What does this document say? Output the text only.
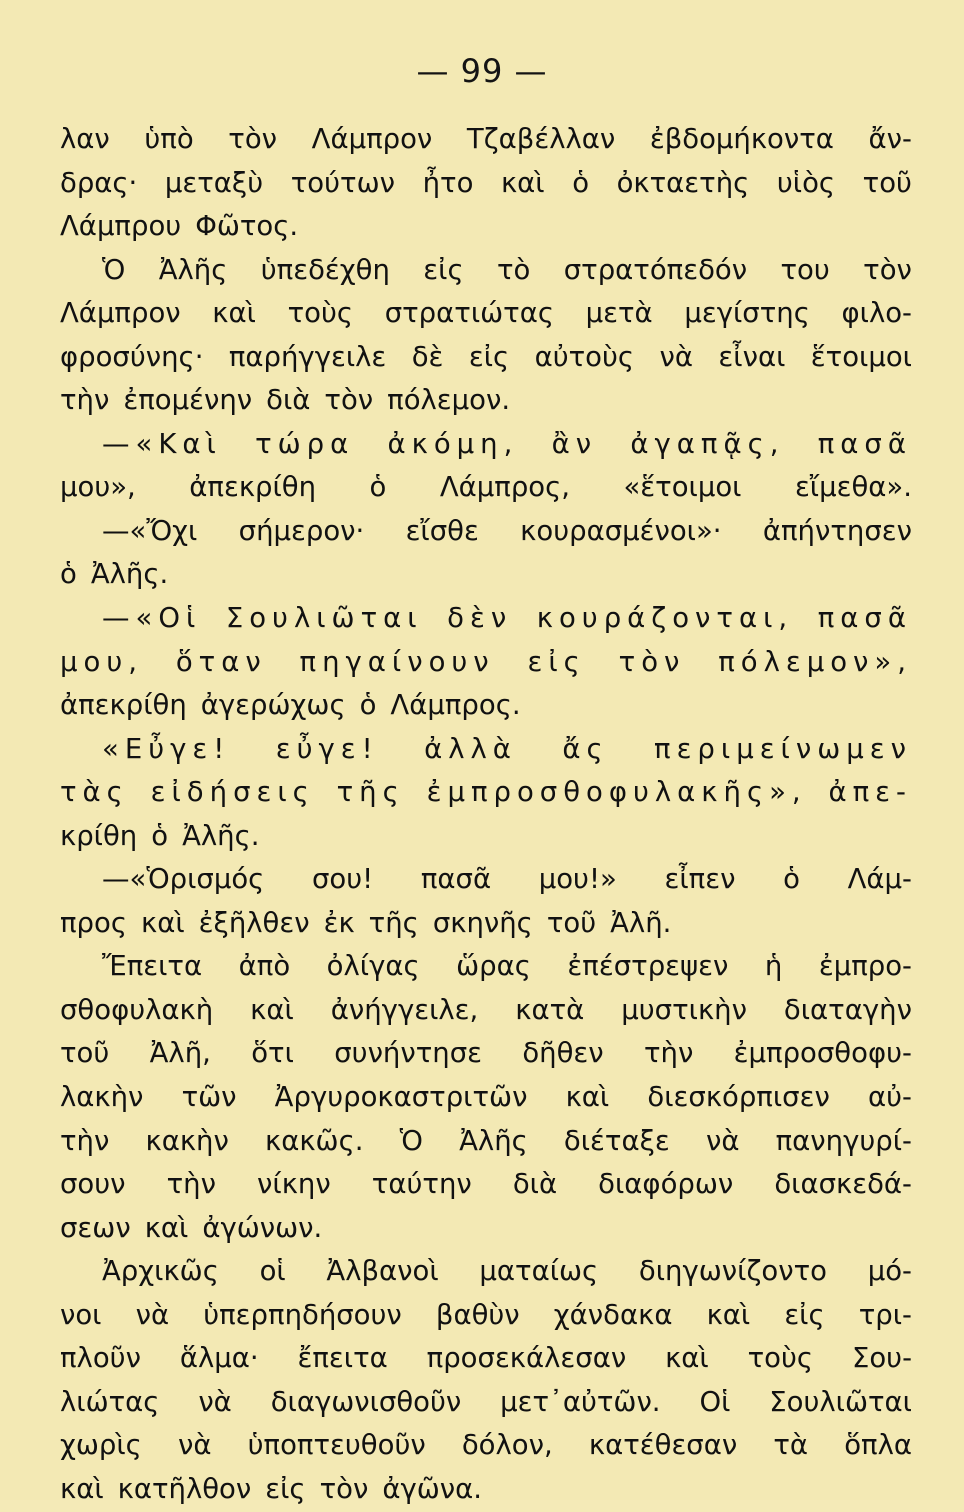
— 99 —
λαν ὑπὸ τὸν Λάμπρον Τζαβέλλαν ἐβδομήκοντα ἄν-
δρας· μεταξὺ τούτων ἦτο καὶ ὁ ὀκταετὴς υἱὸς τοῦ
Λάμπρου Φῶτος.
Ὁ Ἀλῆς ὑπεδέχθη εἰς τὸ στρατόπεδόν του τὸν
Λάμπρον καὶ τοὺς στρατιώτας μετὰ μεγίστης φιλο-
φροσύνης· παρήγγειλε δὲ εἰς αὐτοὺς νὰ εἶναι ἕτοιμοι
τὴν ἐπομένην διὰ τὸν πόλεμον.
—«Καὶ τώρα ἀκόμη, ἂν ἀγαπᾷς, πασᾶ
μου», ἀπεκρίθη ὁ Λάμπρος, «ἕτοιμοι εἴμεθα».
—«Ὄχι σήμερον· εἴσθε κουρασμένοι»· ἀπήντησεν
ὁ Ἀλῆς.
—«Οἱ Σουλιῶται δὲν κουράζονται, πασᾶ
μου, ὅταν πηγαίνουν εἰς τὸν πόλεμον»,
ἀπεκρίθη ἀγερώχως ὁ Λάμπρος.
«Εὖγε! εὖγε! ἀλλὰ ἄς περιμείνωμεν
τὰς εἰδήσεις τῆς ἐμπροσθοφυλακῆς», ἀπε-
κρίθη ὁ Ἀλῆς.
—«Ὁρισμός σου! πασᾶ μου!» εἶπεν ὁ Λάμ-
προς καὶ ἐξῆλθεν ἐκ τῆς σκηνῆς τοῦ Ἀλῆ.
Ἔπειτα ἀπὸ ὀλίγας ὥρας ἐπέστρεψεν ἡ ἐμπρο-
σθοφυλακὴ καὶ ἀνήγγειλε, κατὰ μυστικὴν διαταγὴν
τοῦ Ἀλῆ, ὅτι συνήντησε δῆθεν τὴν ἐμπροσθοφυ-
λακὴν τῶν Ἀργυροκαστριτῶν καὶ διεσκόρπισεν αὐ-
τὴν κακὴν κακῶς. Ὁ Ἀλῆς διέταξε νὰ πανηγυρί-
σουν τὴν νίκην ταύτην διὰ διαφόρων διασκεδά-
σεων καὶ ἀγώνων.
Ἀρχικῶς οἱ Ἀλβανοὶ ματαίως διηγωνίζοντο μό-
νοι νὰ ὑπερπηδήσουν βαθὺν χάνδακα καὶ εἰς τρι-
πλοῦν ἅλμα· ἔπειτα προσεκάλεσαν καὶ τοὺς Σου-
λιώτας νὰ διαγωνισθοῦν μετ᾿αὐτῶν. Οἱ Σουλιῶται
χωρὶς νὰ ὑποπτευθοῦν δόλον, κατέθεσαν τὰ ὅπλα
καὶ κατῆλθον εἰς τὸν ἀγῶνα.
